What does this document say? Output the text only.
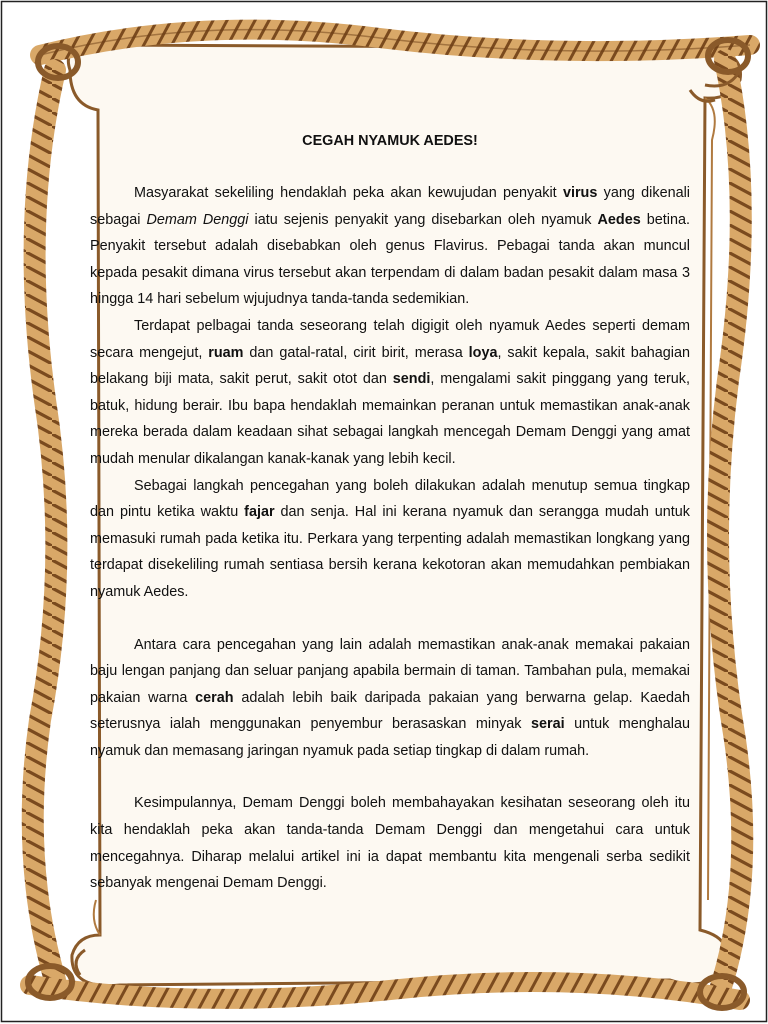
CEGAH NYAMUK AEDES!

Masyarakat sekeliling hendaklah peka akan kewujudan penyakit virus yang dikenali sebagai Demam Denggi iatu sejenis penyakit yang disebarkan oleh nyamuk Aedes betina. Penyakit tersebut adalah disebabkan oleh genus Flavirus. Pebagai tanda akan muncul kepada pesakit dimana virus tersebut akan terpendam di dalam badan pesakit dalam masa 3 hingga 14 hari sebelum wjujudnya tanda-tanda sedemikian.

Terdapat pelbagai tanda seseorang telah digigit oleh nyamuk Aedes seperti demam secara mengejut, ruam dan gatal-ratal, cirit birit, merasa loya, sakit kepala, sakit bahagian belakang biji mata, sakit perut, sakit otot dan sendi, mengalami sakit pinggang yang teruk, batuk, hidung berair. Ibu bapa hendaklah memainkan peranan untuk memastikan anak-anak mereka berada dalam keadaan sihat sebagai langkah mencegah Demam Denggi yang amat mudah menular dikalangan kanak-kanak yang lebih kecil.

Sebagai langkah pencegahan yang boleh dilakukan adalah menutup semua tingkap dan pintu ketika waktu fajar dan senja. Hal ini kerana nyamuk dan serangga mudah untuk memasuki rumah pada ketika itu. Perkara yang terpenting adalah memastikan longkang yang terdapat disekeliling rumah sentiasa bersih kerana kekotoran akan memudahkan pembiakan nyamuk Aedes.

Antara cara pencegahan yang lain adalah memastikan anak-anak memakai pakaian baju lengan panjang dan seluar panjang apabila bermain di taman. Tambahan pula, memakai pakaian warna cerah adalah lebih baik daripada pakaian yang berwarna gelap. Kaedah seterusnya ialah menggunakan penyembur berasaskan minyak serai untuk menghalau nyamuk dan memasang jaringan nyamuk pada setiap tingkap di dalam rumah.

Kesimpulannya, Demam Denggi boleh membahayakan kesihatan seseorang oleh itu kita hendaklah peka akan tanda-tanda Demam Denggi dan mengetahui cara untuk mencegahnya. Diharap melalui artikel ini ia dapat membantu kita mengenali serba sedikit sebanyak mengenai Demam Denggi.
